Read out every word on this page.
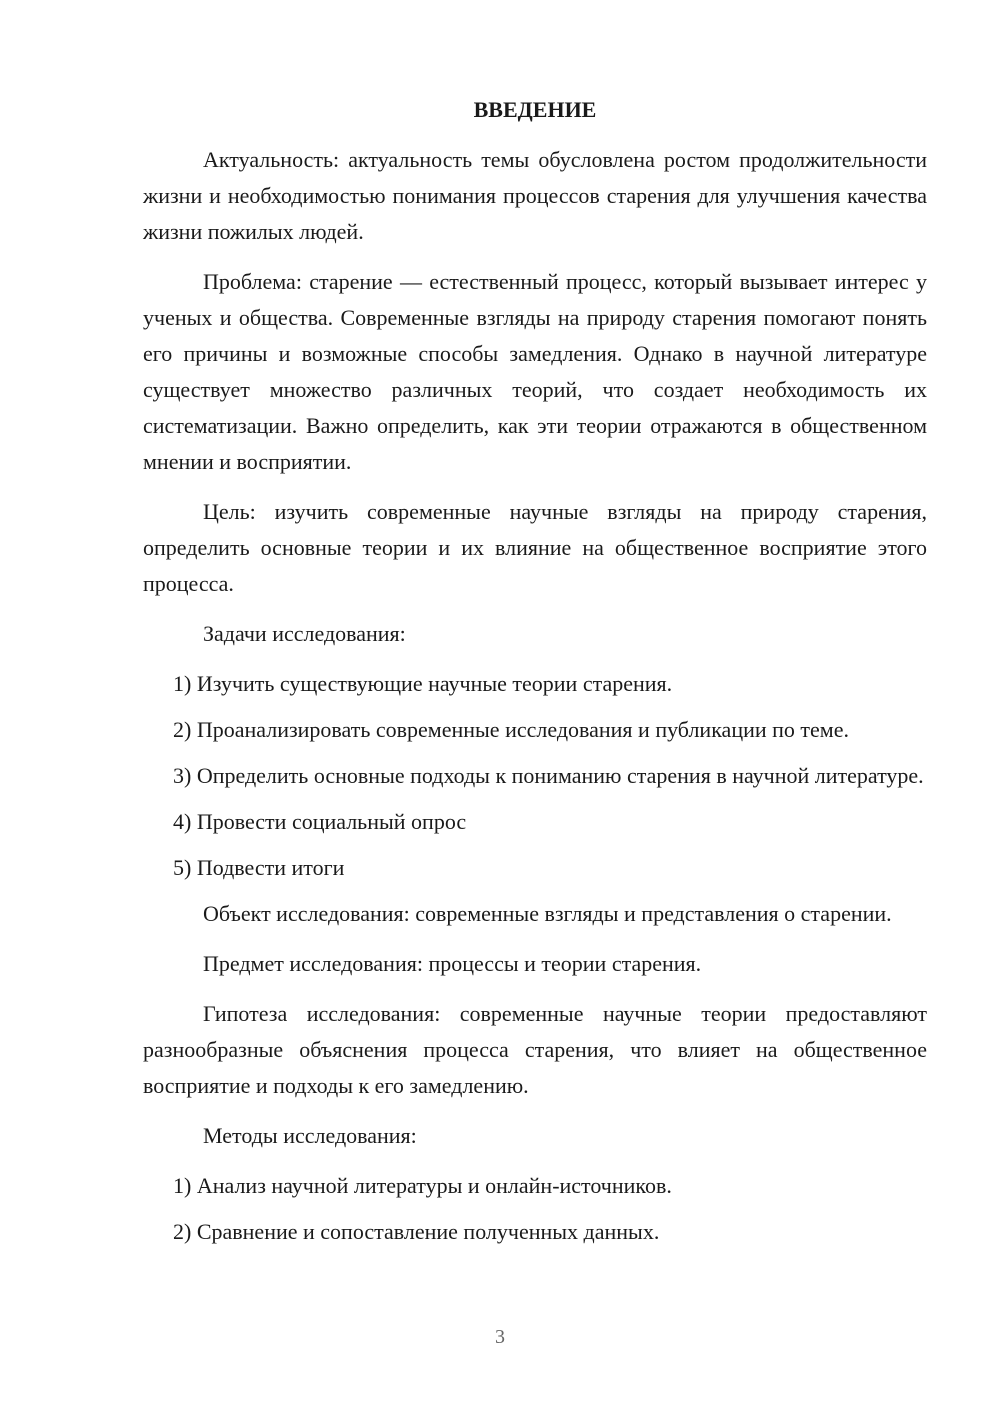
ВВЕДЕНИЕ

Актуальность: актуальность темы обусловлена ростом продолжительности жизни и необходимостью понимания процессов старения для улучшения качества жизни пожилых людей.

Проблема: старение — естественный процесс, который вызывает интерес у ученых и общества. Современные взгляды на природу старения помогают понять его причины и возможные способы замедления. Однако в научной литературе существует множество различных теорий, что создает необходимость их систематизации. Важно определить, как эти теории отражаются в общественном мнении и восприятии.

Цель: изучить современные научные взгляды на природу старения, определить основные теории и их влияние на общественное восприятие этого процесса.

Задачи исследования:

1) Изучить существующие научные теории старения.

2) Проанализировать современные исследования и публикации по теме.

3) Определить основные подходы к пониманию старения в научной литературе.

4) Провести социальный опрос

5) Подвести итоги

Объект исследования: современные взгляды и представления о старении.

Предмет исследования: процессы и теории старения.

Гипотеза исследования: современные научные теории предоставляют разнообразные объяснения процесса старения, что влияет на общественное восприятие и подходы к его замедлению.

Методы исследования:

1) Анализ научной литературы и онлайн-источников.

2) Сравнение и сопоставление полученных данных.

3
